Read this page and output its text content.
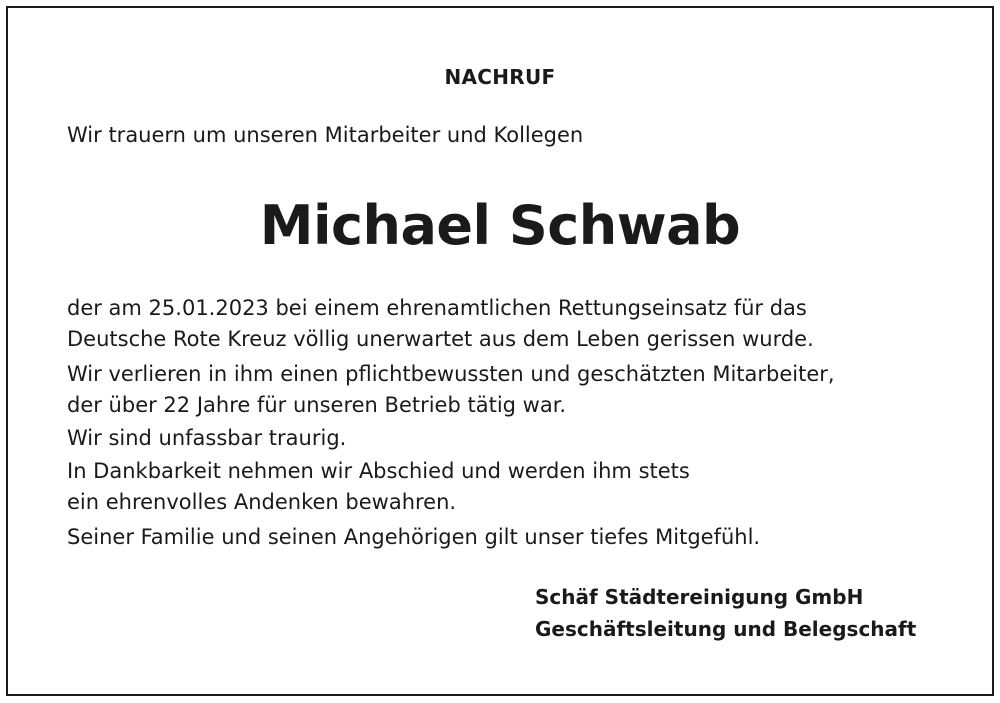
NACHRUF
Wir trauern um unseren Mitarbeiter und Kollegen
Michael Schwab
der am 25.01.2023 bei einem ehrenamtlichen Rettungseinsatz für das
Deutsche Rote Kreuz völlig unerwartet aus dem Leben gerissen wurde.
Wir verlieren in ihm einen pflichtbewussten und geschätzten Mitarbeiter,
der über 22 Jahre für unseren Betrieb tätig war.
Wir sind unfassbar traurig.
In Dankbarkeit nehmen wir Abschied und werden ihm stets
ein ehrenvolles Andenken bewahren.
Seiner Familie und seinen Angehörigen gilt unser tiefes Mitgefühl.
Schäf Städtereinigung GmbH
Geschäftsleitung und Belegschaft
